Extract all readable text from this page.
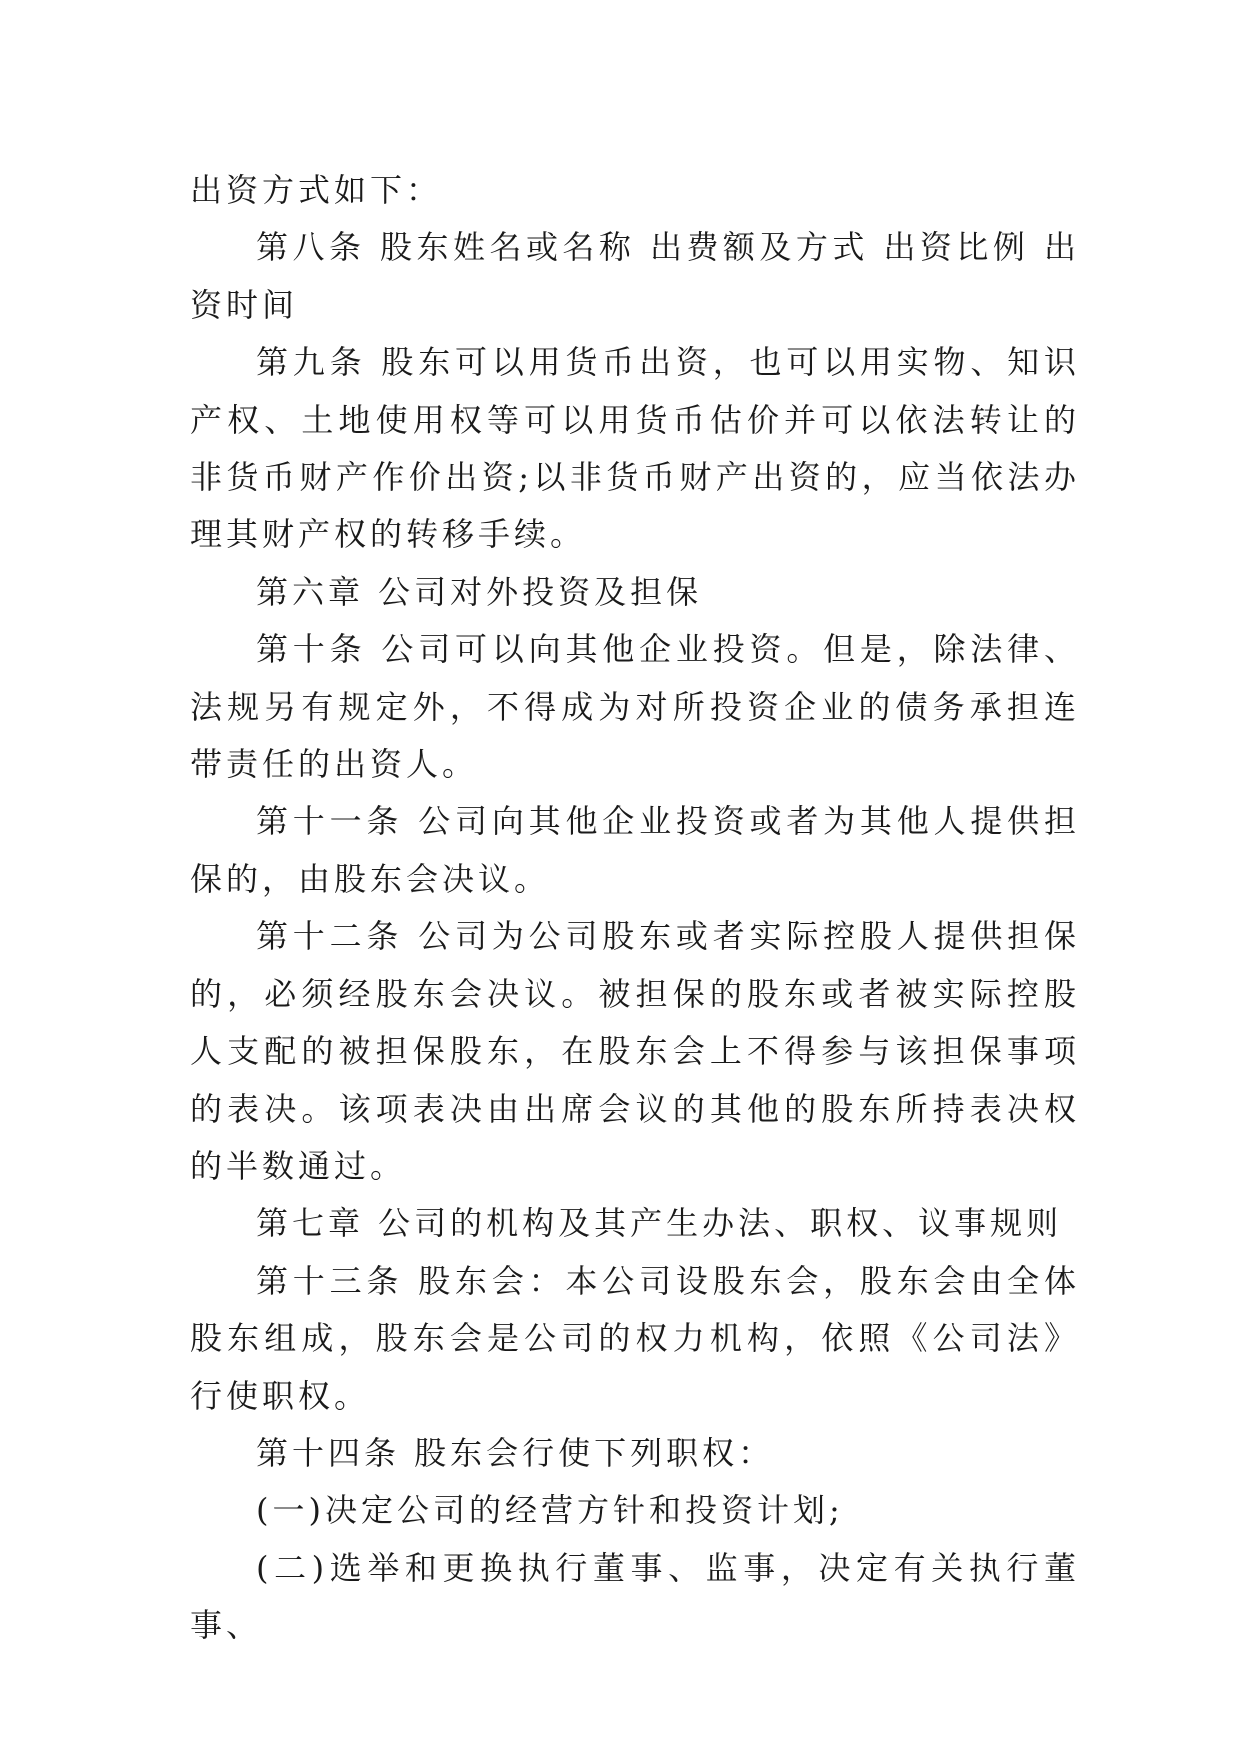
出资方式如下：

第八条 股东姓名或名称 出费额及方式 出资比例 出资时间

第九条 股东可以用货币出资，也可以用实物、知识产权、土地使用权等可以用货币估价并可以依法转让的非货币财产作价出资;以非货币财产出资的，应当依法办理其财产权的转移手续。

第六章 公司对外投资及担保

第十条 公司可以向其他企业投资。但是，除法律、法规另有规定外，不得成为对所投资企业的债务承担连带责任的出资人。

第十一条 公司向其他企业投资或者为其他人提供担保的，由股东会决议。

第十二条 公司为公司股东或者实际控股人提供担保的，必须经股东会决议。被担保的股东或者被实际控股人支配的被担保股东，在股东会上不得参与该担保事项的表决。该项表决由出席会议的其他的股东所持表决权的半数通过。

第七章 公司的机构及其产生办法、职权、议事规则

第十三条 股东会：本公司设股东会，股东会由全体股东组成，股东会是公司的权力机构，依照《公司法》行使职权。

第十四条 股东会行使下列职权：

(一)决定公司的经营方针和投资计划;

(二)选举和更换执行董事、监事，决定有关执行董事、
